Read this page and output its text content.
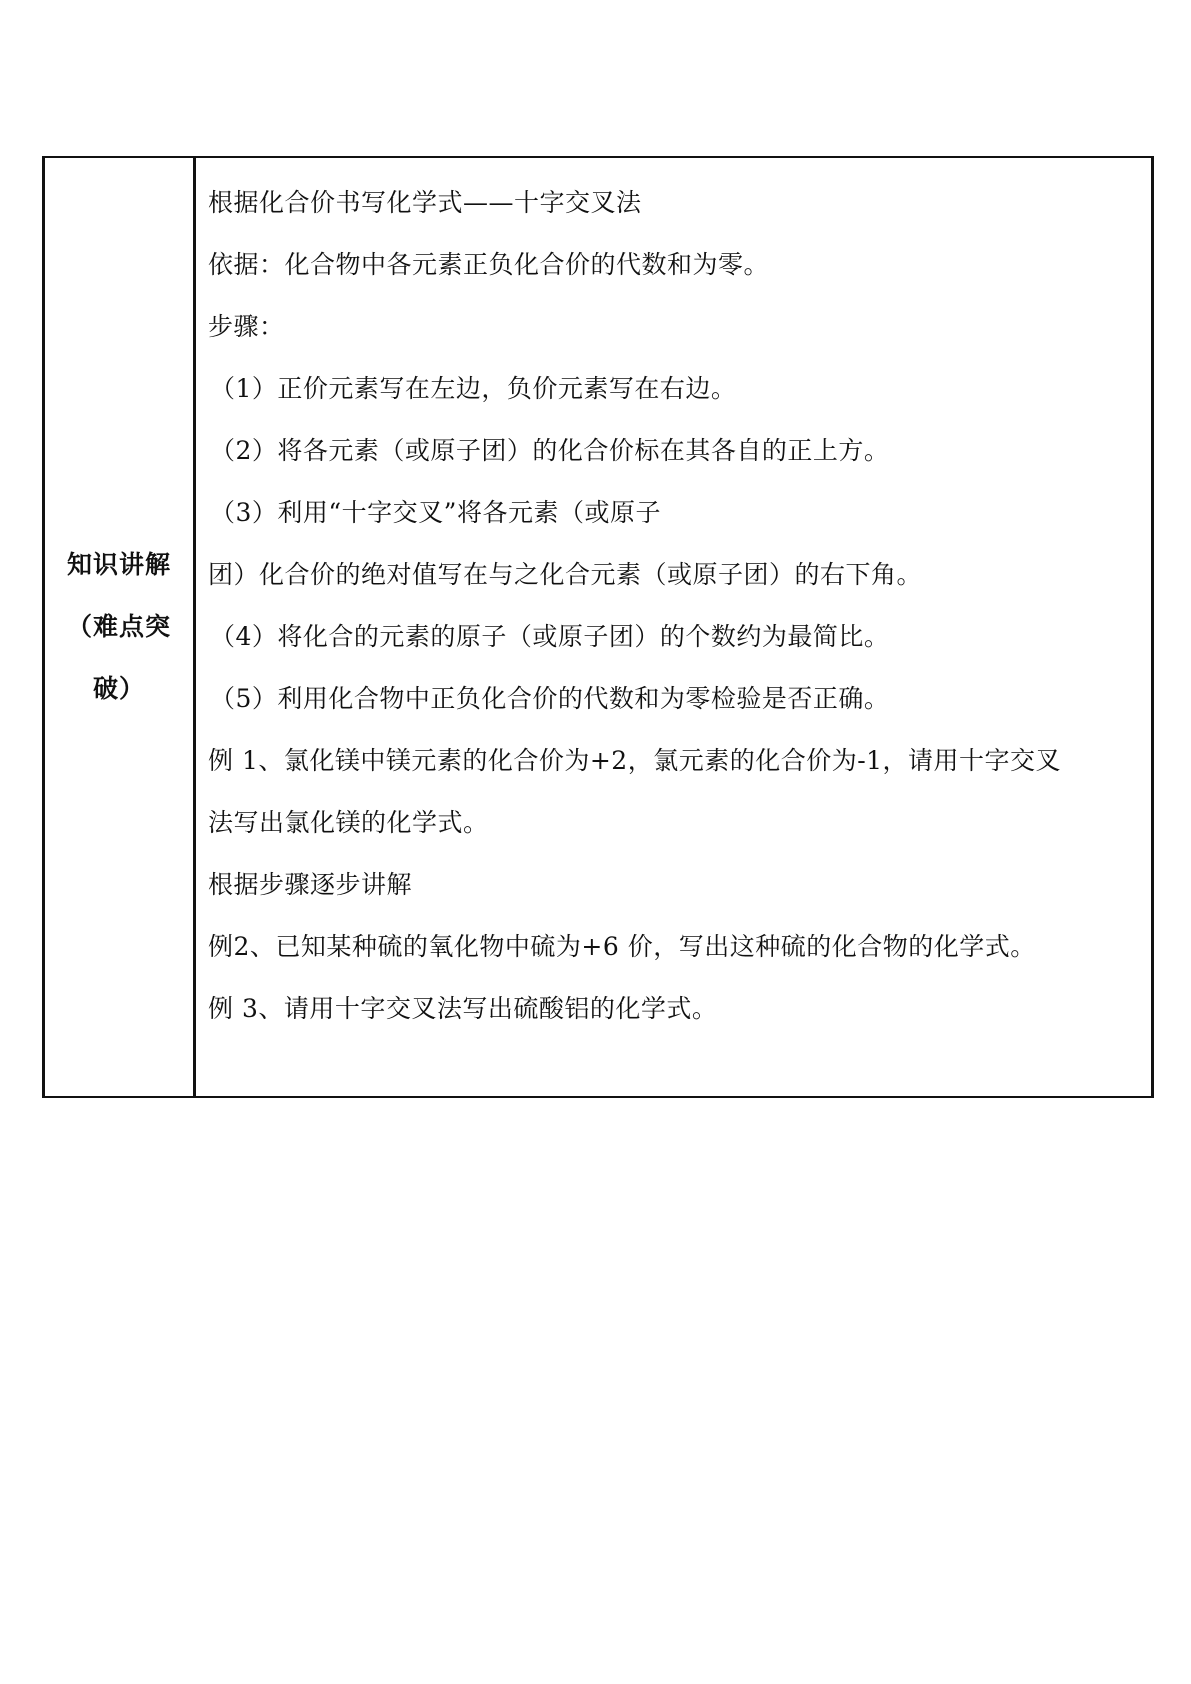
知识讲解
（难点突
破）

根据化合价书写化学式——十字交叉法
依据：化合物中各元素正负化合价的代数和为零。
步骤：
（1）正价元素写在左边，负价元素写在右边。
（2）将各元素（或原子团）的化合价标在其各自的正上方。
（3）利用“十字交叉”将各元素（或原子
团）化合价的绝对值写在与之化合元素（或原子团）的右下角。
（4）将化合的元素的原子（或原子团）的个数约为最简比。
（5）利用化合物中正负化合价的代数和为零检验是否正确。
例 1、氯化镁中镁元素的化合价为+2，氯元素的化合价为-1，请用十字交叉
法写出氯化镁的化学式。
根据步骤逐步讲解
例2、已知某种硫的氧化物中硫为+6 价，写出这种硫的化合物的化学式。
例 3、请用十字交叉法写出硫酸铝的化学式。
